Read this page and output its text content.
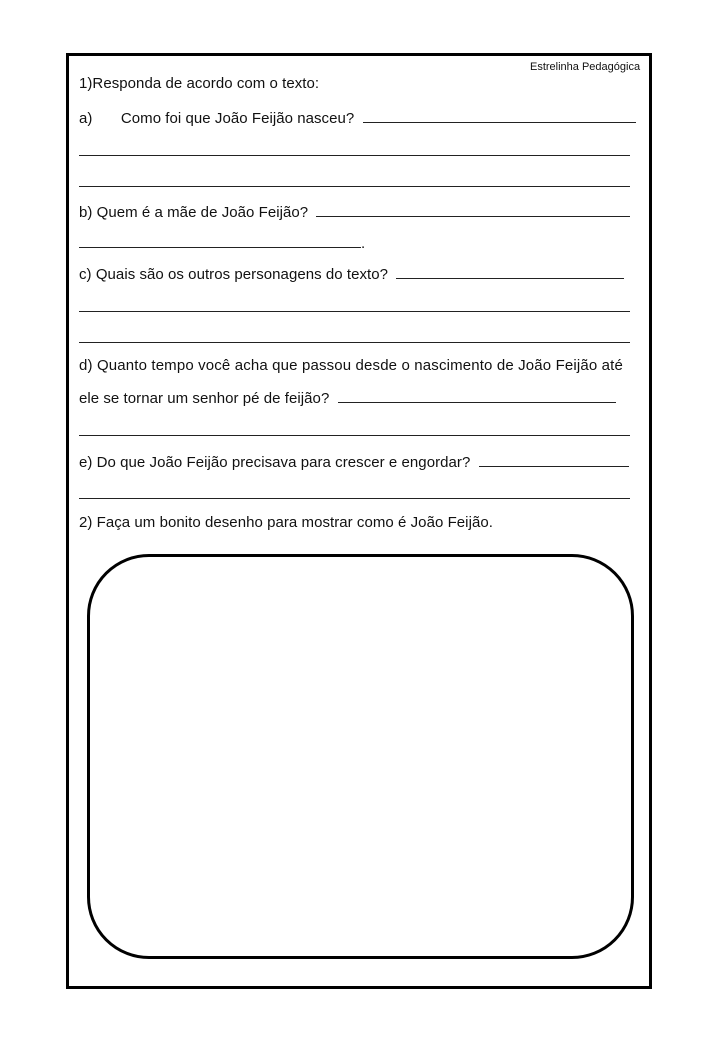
Estrelinha Pedagógica
1)Responda de acordo com o texto:
a) Como foi que João Feijão nasceu?
b) Quem é a mãe de João Feijão?
.
c) Quais são os outros personagens do texto?
d) Quanto tempo você acha que passou desde o nascimento de João Feijão até
ele se tornar um senhor pé de feijão?
e) Do que João Feijão precisava para crescer e engordar?
2) Faça um bonito desenho para mostrar como é João Feijão.
